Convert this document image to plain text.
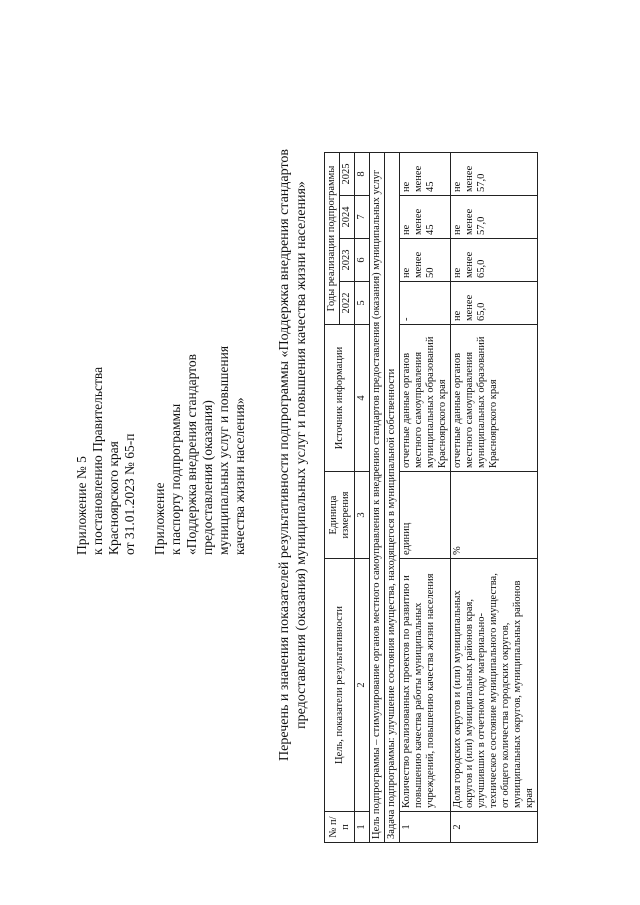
Приложение № 5 к постановлению Правительства Красноярского края от 31.01.2023 № 65-п Приложение к паспорту подпрограммы «Поддержка внедрения стандартов предоставления (оказания) муниципальных услуг и повышения качества жизни населения» Перечень и значения показателей результативности подпрограммы «Поддержка внедрения стандартов предоставления (оказания) муниципальных услуг и повышения качества жизни населения»
№ п/п	Цель, показатели результативности	Единица измерения	Источник информации	Годы реализации подпрограммы			
				2022	2023	2024	2025
1	2	3	4	5	6	7	8
Цель подпрограммы – стимулирование органов местного самоуправления к внедрению стандартов предоставления (оказания) муниципальных услуг							
Задача подпрограммы: улучшение состояния имущества, находящегося в муниципальной собственности							
1	Количество реализованных проектов по развитию и повышению качества работы муниципальных учреждений, повышению качества жизни населения	единиц	отчетные данные органов местного самоуправления муниципальных образований Красноярского края	-	не менее 50	не менее 45	не менее 45
2	Доля городских округов и (или) муниципальных округов и (или) муниципальных районов края, улучшивших в отчетном году материально-техническое состояние муниципального имущества, от общего количества городских округов, муниципальных округов, муниципальных районов края	%	отчетные данные органов местного самоуправления муниципальных образований Красноярского края	не менее 65,0	не менее 65,0	не менее 57,0	не менее 57,0
